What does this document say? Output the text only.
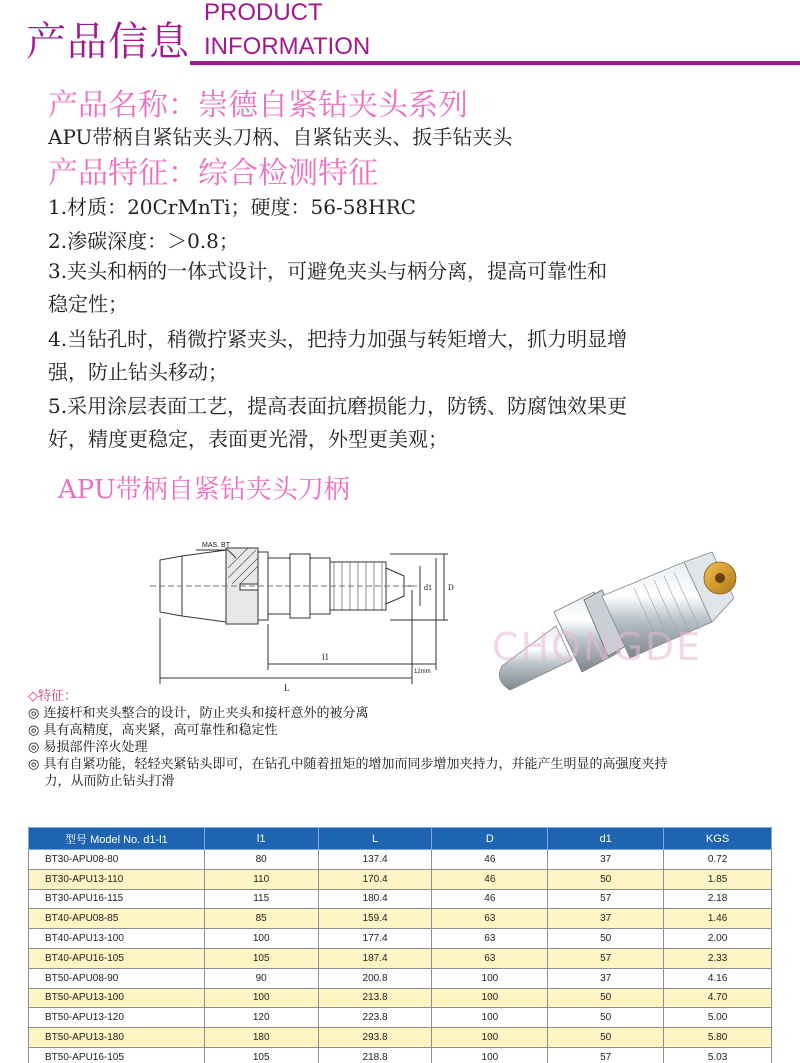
产品信息
PRODUCT
INFORMATION
产品名称：崇德自紧钻夹头系列
APU带柄自紧钻夹头刀柄、自紧钻夹头、扳手钻夹头
产品特征：综合检测特征
1.材质：20CrMnTi；硬度：56-58HRC
2.渗碳深度：＞0.8；
3.夹头和柄的一体式设计，可避免夹头与柄分离，提高可靠性和
稳定性；
4.当钻孔时，稍微拧紧夹头，把持力加强与转矩增大，抓力明显增
强，防止钻头移动；
5.采用涂层表面工艺，提高表面抗磨损能力，防锈、防腐蚀效果更
好，精度更稳定，表面更光滑，外型更美观；
APU带柄自紧钻夹头刀柄
MAS. BT
l1
L
d1 D
12mm
CHONGDE
◇特征：
◎ 连接杆和夹头整合的设计，防止夹头和接杆意外的被分离
◎ 具有高精度，高夹紧，高可靠性和稳定性
◎ 易损部件淬火处理
◎ 具有自紧功能，轻轻夹紧钻头即可，在钻孔中随着扭矩的增加而同步增加夹持力，并能产生明显的高强度夹持
力，从而防止钻头打滑
型号 Model No. d1-l1	l1	L	D	d1	KGS
BT30-APU08-80	80	137.4	46	37	0.72
BT30-APU13-110	110	170.4	46	50	1.85
BT30-APU16-115	115	180.4	46	57	2.18
BT40-APU08-85	85	159.4	63	37	1.46
BT40-APU13-100	100	177.4	63	50	2.00
BT40-APU16-105	105	187.4	63	57	2.33
BT50-APU08-90	90	200.8	100	37	4.16
BT50-APU13-100	100	213.8	100	50	4.70
BT50-APU13-120	120	223.8	100	50	5.00
BT50-APU13-180	180	293.8	100	50	5.80
BT50-APU16-105	105	218.8	100	57	5.03
